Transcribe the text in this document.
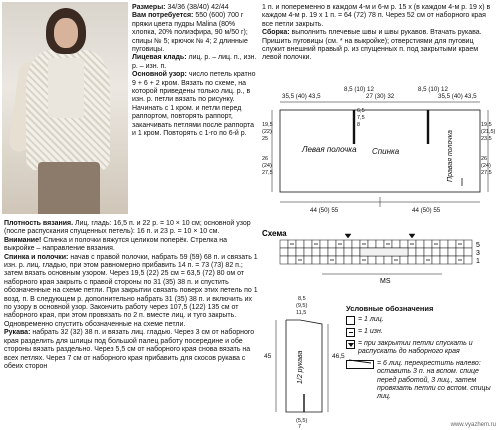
Размеры: 34/36 (38/40) 42/44
Вам потребуется: 550 (600) 700 г пряжи цвета пудры Malina (80% хлопка, 20% полиэфира, 90 м/50 г); спицы № 5; крючок № 4; 2 длинные пуговицы.
Лицевая кладь: лиц. р. – лиц. п., изн. р. – изн. п.
Основной узор: число петель кратно 9 + 6 + 2 кром. Вязать по схеме, на которой приведены только лиц. р., в изн. р. петли вязать по рисунку. Начинать с 1 кром. и петли перед раппортом, повторять раппорт, заканчивать петлями после раппорта и 1 кром. Повторять с 1-го по 6-й р.
Плотность вязания. Лиц. гладь: 16,5 п. и 22 р. = 10 × 10 см; основной узор (после распускания спущенных петель): 16 п. и 23 р. = 10 × 10 см.
Внимание! Спинка и полочки вяжутся целиком поперёк. Стрелка на выкройке – направление вязания.
Спинка и полочки: начав с правой полочки, набрать 59 (59) 68 п. и связать 1 изн. р. лиц. гладью, при этом равномерно прибавить 14 п. = 73 (73) 82 п.; затем вязать основным узором. Через 19,5 (22) 25 см = 63,5 (72) 80 ом от наборного края закрыть с правой стороны по 31 (35) 38 п. и спустить обозначенные на схеме петли. При закрытии связать поверх этих петель по 1 возд. п. В следующем р. дополнительно набрать 31 (35) 38 п. и включить их по узору в основной узор. Закончить работу через 107,5 (122) 135 см от наборного края, при этом провязать по 2 п. вместе лиц. и туго закрыть. Одновременно спустить обозначенные на схеме петли.
Рукава: набрать 32 (32) 38 п. и вязать лиц. гладью. Через 3 см от наборного края разделить для шлицы под большой палец работу посередине и обе стороны вязать раздельно. Через 5,5 см от наборного края снова вязать на всех петлях. Через 7 см от наборного края прибавить для скосов рукава с обеих сторон
1 п. и попеременно в каждом 4-м и 6-м р. 15 х (в каждом 4-м р. 19 х) в каждом 4-м р. 19 х 1 п. = 64 (72) 78 п. Через 52 см от наборного края все петли закрыть.
Сборка: выполнить плечевые швы и швы рукавов. Втачать рукава. Пришить пуговицы (см. * на выкройке); отверстиями для пуговиц служит внешний правый р. из спущенных п. под закрытыми краем левой полочки.
35,5 (40) 43,5
8,5 (10) 12
27 (30) 32
8,5 (10) 12
35,5 (40) 43,5
6,5
7,5
8
Левая полочка Спинка	Правая полочка
19,5
(22)
25
26
(24)
27,5
19,5
(21,5)
23,5
26
(24)
27,5
44 (50) 55	44 (50) 55
Схема
5
3
1
MS
8,5
(9,5)
11,5
45	46,5
(5,5)
7
1/2 рукава
Условные обозначения
= 1 лиц.
= 1 изн.
= при закрытии петли спускать и распускать до наборного края
= 6 лиц. перекрестить налево: оставить 3 п. на вспом. спице перед работой, 3 лиц., затем провязать петли со вспом. спицы лиц.
www.vyazhem.ru
